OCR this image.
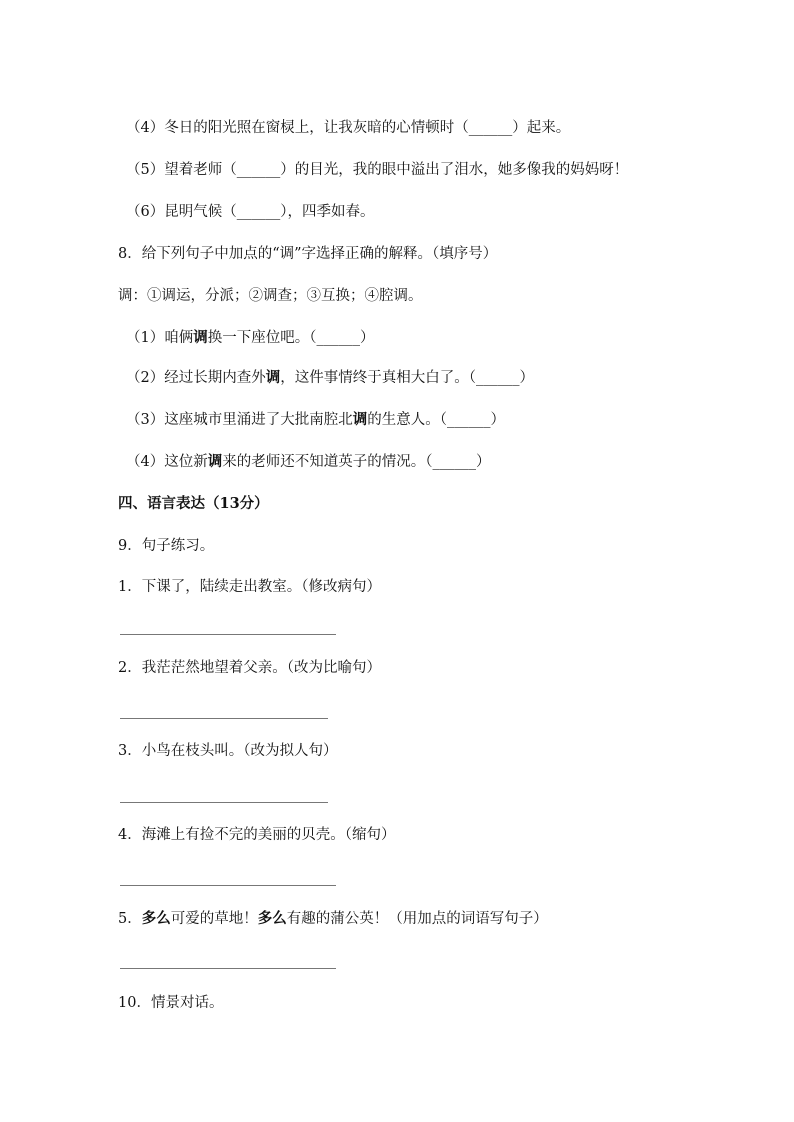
（4）冬日的阳光照在窗棂上，让我灰暗的心情顿时（______）起来。
（5）望着老师（______）的目光，我的眼中溢出了泪水，她多像我的妈妈呀！
（6）昆明气候（______），四季如春。
8．给下列句子中加点的“调”字选择正确的解释。（填序号）
调：①调运，分派；②调查；③互换；④腔调。
（1）咱俩调换一下座位吧。（______）
（2）经过长期内查外调，这件事情终于真相大白了。（______）
（3）这座城市里涌进了大批南腔北调的生意人。（______）
（4）这位新调来的老师还不知道英子的情况。（______）
四、语言表达（13分）
9．句子练习。
1．下课了，陆续走出教室。（修改病句）
2．我茫茫然地望着父亲。（改为比喻句）
3．小鸟在枝头叫。（改为拟人句）
4．海滩上有捡不完的美丽的贝壳。（缩句）
5．多么可爱的草地！多么有趣的蒲公英！（用加点的词语写句子）
10．情景对话。
